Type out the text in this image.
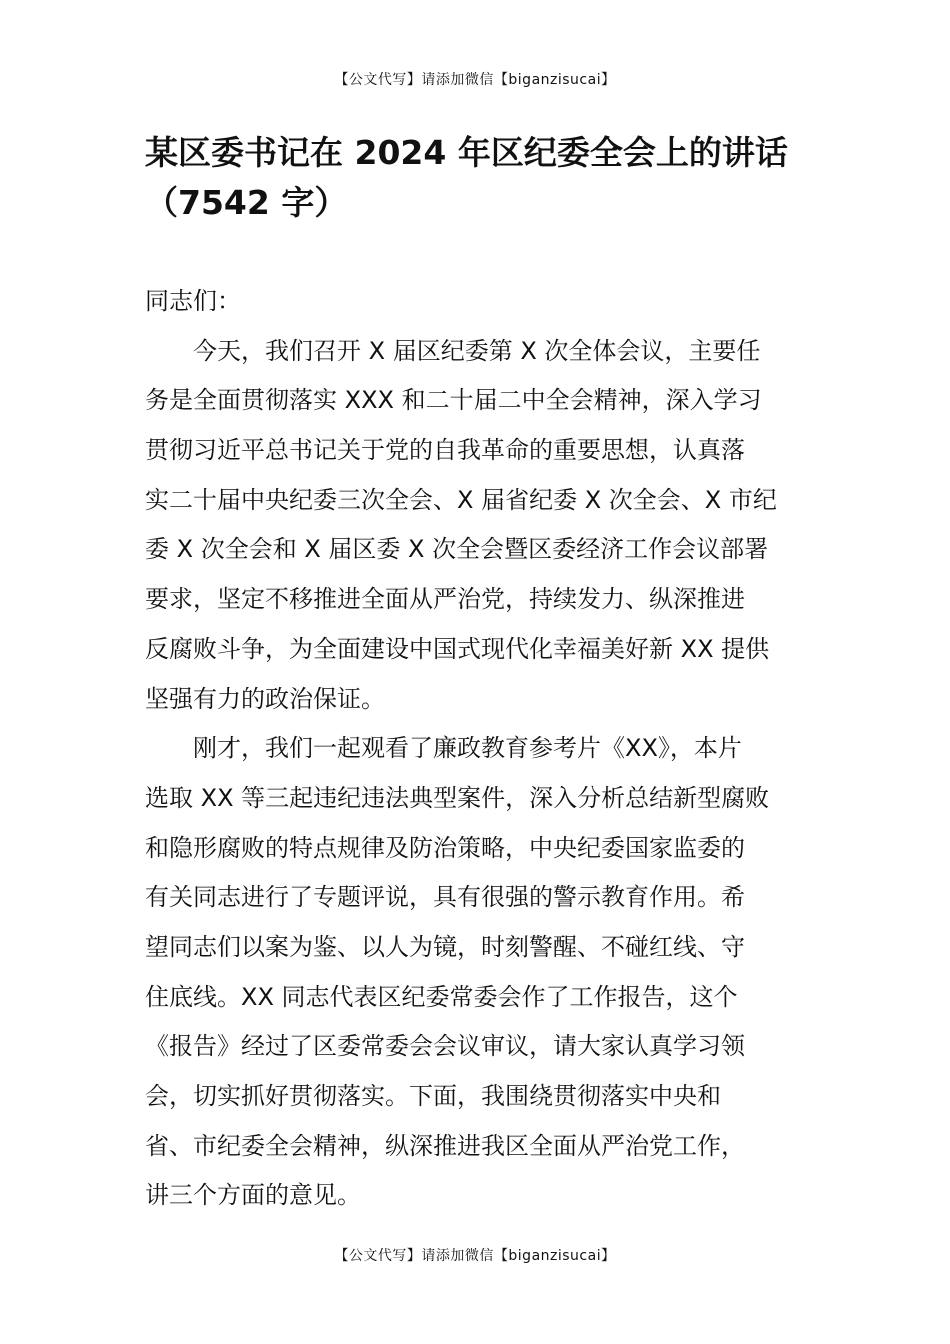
【公文代写】请添加微信【biganzisucai】
某区委书记在 2024 年区纪委全会上的讲话
（7542 字）
同志们：
今天，我们召开 X 届区纪委第 X 次全体会议，主要任
务是全面贯彻落实 XXX 和二十届二中全会精神，深入学习
贯彻习近平总书记关于党的自我革命的重要思想，认真落
实二十届中央纪委三次全会、X 届省纪委 X 次全会、X 市纪
委 X 次全会和 X 届区委 X 次全会暨区委经济工作会议部署
要求，坚定不移推进全面从严治党，持续发力、纵深推进
反腐败斗争，为全面建设中国式现代化幸福美好新 XX 提供
坚强有力的政治保证。
刚才，我们一起观看了廉政教育参考片《XX》，本片
选取 XX 等三起违纪违法典型案件，深入分析总结新型腐败
和隐形腐败的特点规律及防治策略，中央纪委国家监委的
有关同志进行了专题评说，具有很强的警示教育作用。希
望同志们以案为鉴、以人为镜，时刻警醒、不碰红线、守
住底线。XX 同志代表区纪委常委会作了工作报告，这个
《报告》经过了区委常委会会议审议，请大家认真学习领
会，切实抓好贯彻落实。下面，我围绕贯彻落实中央和
省、市纪委全会精神，纵深推进我区全面从严治党工作，
讲三个方面的意见。
【公文代写】请添加微信【biganzisucai】
